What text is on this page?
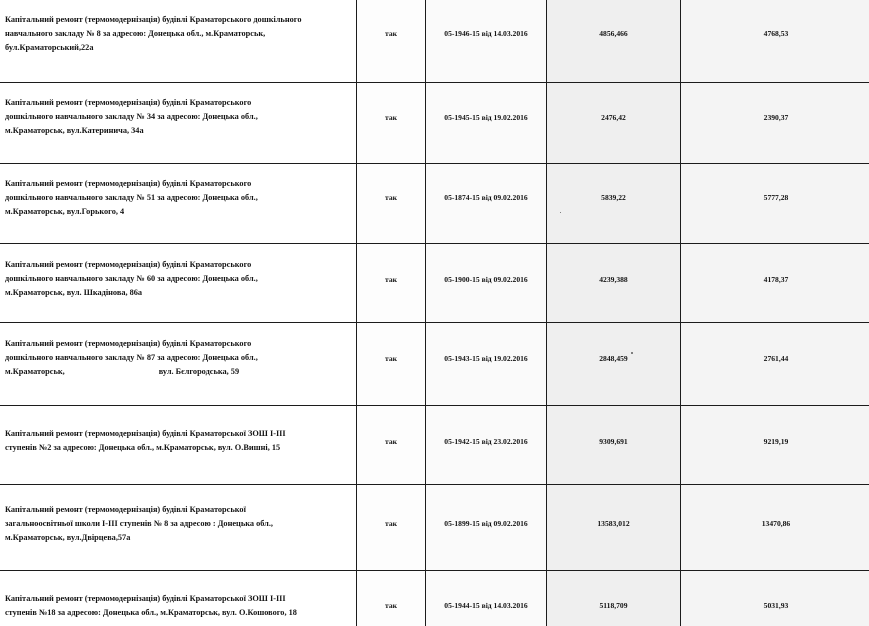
Капітальний ремонт (термомодернізація) будівлі Краматорського дошкільного
навчального закладу № 8 за адресою: Донецька обл., м.Краматорськ,
бул.Краматорський,22а	так	05-1946-15 від 14.03.2016	4856,466	4768,53

Капітальний ремонт (термомодернізація) будівлі Краматорського
дошкільного навчального закладу № 34 за адресою: Донецька обл.,
м.Краматорськ, вул.Катеринича, 34а	так	05-1945-15 від 19.02.2016	2476,42	2390,37

Капітальний ремонт (термомодернізація) будівлі Краматорського
дошкільного навчального закладу № 51 за адресою: Донецька обл.,
м.Краматорськ, вул.Горького, 4	так	05-1874-15 від 09.02.2016	5839,22	5777,28

Капітальний ремонт (термомодернізація) будівлі Краматорського
дошкільного навчального закладу № 60 за адресою: Донецька обл.,
м.Краматорськ, вул. Шкадінова, 86а	так	05-1900-15 від 09.02.2016	4239,388	4178,37

Капітальний ремонт (термомодернізація) будівлі Краматорського
дошкільного навчального закладу № 87 за адресою: Донецька обл.,
м.Краматорськ, вул. Бєлгородська, 59	так	05-1943-15 від 19.02.2016	2848,459	2761,44

Капітальний ремонт (термомодернізація) будівлі Краматорської ЗОШ І-ІІІ
ступенів №2 за адресою: Донецька обл., м.Краматорськ, вул. О.Вишні, 15	так	05-1942-15 від 23.02.2016	9309,691	9219,19

Капітальний ремонт (термомодернізація) будівлі Краматорської
загальноосвітньої школи І-ІІІ ступенів № 8 за адресою : Донецька обл.,
м.Краматорськ, вул.Двірцева,57а	так	05-1899-15 від 09.02.2016	13583,012	13470,86

Капітальний ремонт (термомодернізація) будівлі Краматорської ЗОШ І-ІІІ
ступенів №18 за адресою: Донецька обл., м.Краматорськ, вул. О.Кошового, 18	так	05-1944-15 від 14.03.2016	5118,709	5031,93
